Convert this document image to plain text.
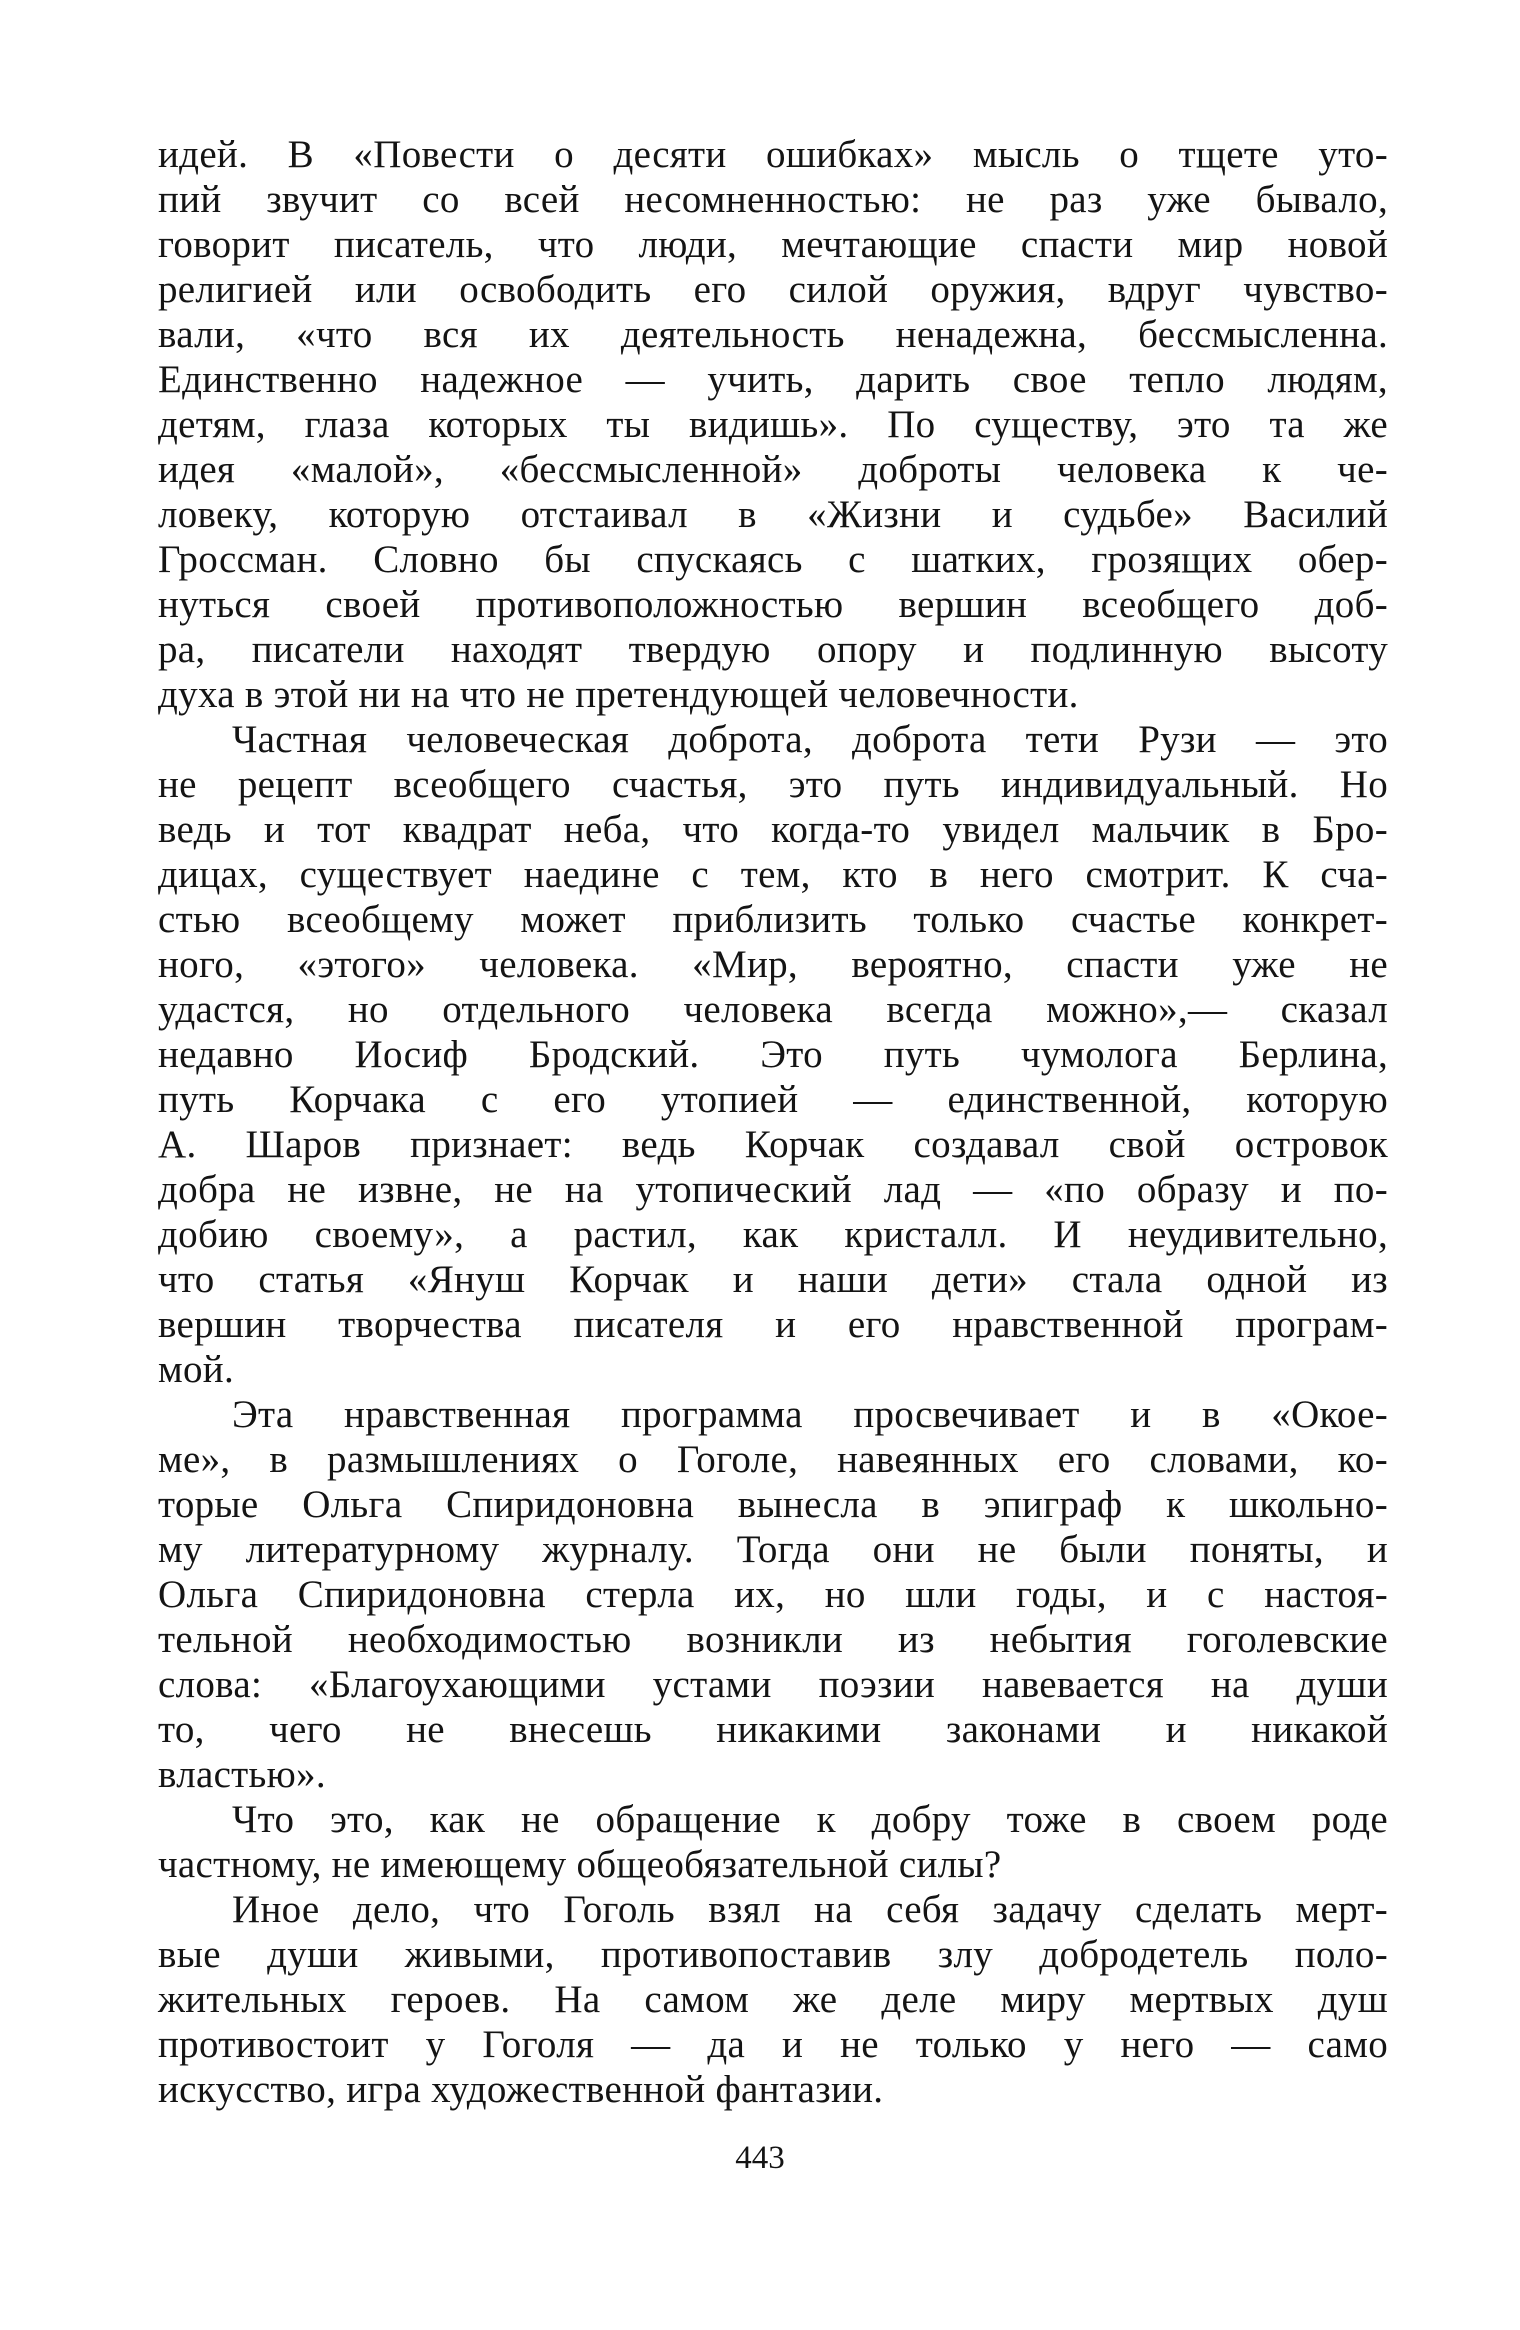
идей. В «Повести о десяти ошибках» мысль о тщете уто-
пий звучит со всей несомненностью: не раз уже бывало,
говорит писатель, что люди, мечтающие спасти мир новой
религией или освободить его силой оружия, вдруг чувство-
вали, «что вся их деятельность ненадежна, бессмысленна.
Единственно надежное — учить, дарить свое тепло людям,
детям, глаза которых ты видишь». По существу, это та же
идея «малой», «бессмысленной» доброты человека к че-
ловеку, которую отстаивал в «Жизни и судьбе» Василий
Гроссман. Словно бы спускаясь с шатких, грозящих обер-
нуться своей противоположностью вершин всеобщего доб-
ра, писатели находят твердую опору и подлинную высоту
духа в этой ни на что не претендующей человечности.
Частная человеческая доброта, доброта тети Рузи — это
не рецепт всеобщего счастья, это путь индивидуальный. Но
ведь и тот квадрат неба, что когда-то увидел мальчик в Бро-
дицах, существует наедине с тем, кто в него смотрит. К сча-
стью всеобщему может приблизить только счастье конкрет-
ного, «этого» человека. «Мир, вероятно, спасти уже не
удастся, но отдельного человека всегда можно»,— сказал
недавно Иосиф Бродский. Это путь чумолога Берлина,
путь Корчака с его утопией — единственной, которую
А. Шаров признает: ведь Корчак создавал свой островок
добра не извне, не на утопический лад — «по образу и по-
добию своему», а растил, как кристалл. И неудивительно,
что статья «Януш Корчак и наши дети» стала одной из
вершин творчества писателя и его нравственной програм-
мой.
Эта нравственная программа просвечивает и в «Окое-
ме», в размышлениях о Гоголе, навеянных его словами, ко-
торые Ольга Спиридоновна вынесла в эпиграф к школьно-
му литературному журналу. Тогда они не были поняты, и
Ольга Спиридоновна стерла их, но шли годы, и с настоя-
тельной необходимостью возникли из небытия гоголевские
слова: «Благоухающими устами поэзии навевается на души
то, чего не внесешь никакими законами и никакой
властью».
Что это, как не обращение к добру тоже в своем роде
частному, не имеющему общеобязательной силы?
Иное дело, что Гоголь взял на себя задачу сделать мерт-
вые души живыми, противопоставив злу добродетель поло-
жительных героев. На самом же деле миру мертвых душ
противостоит у Гоголя — да и не только у него — само
искусство, игра художественной фантазии.
443
